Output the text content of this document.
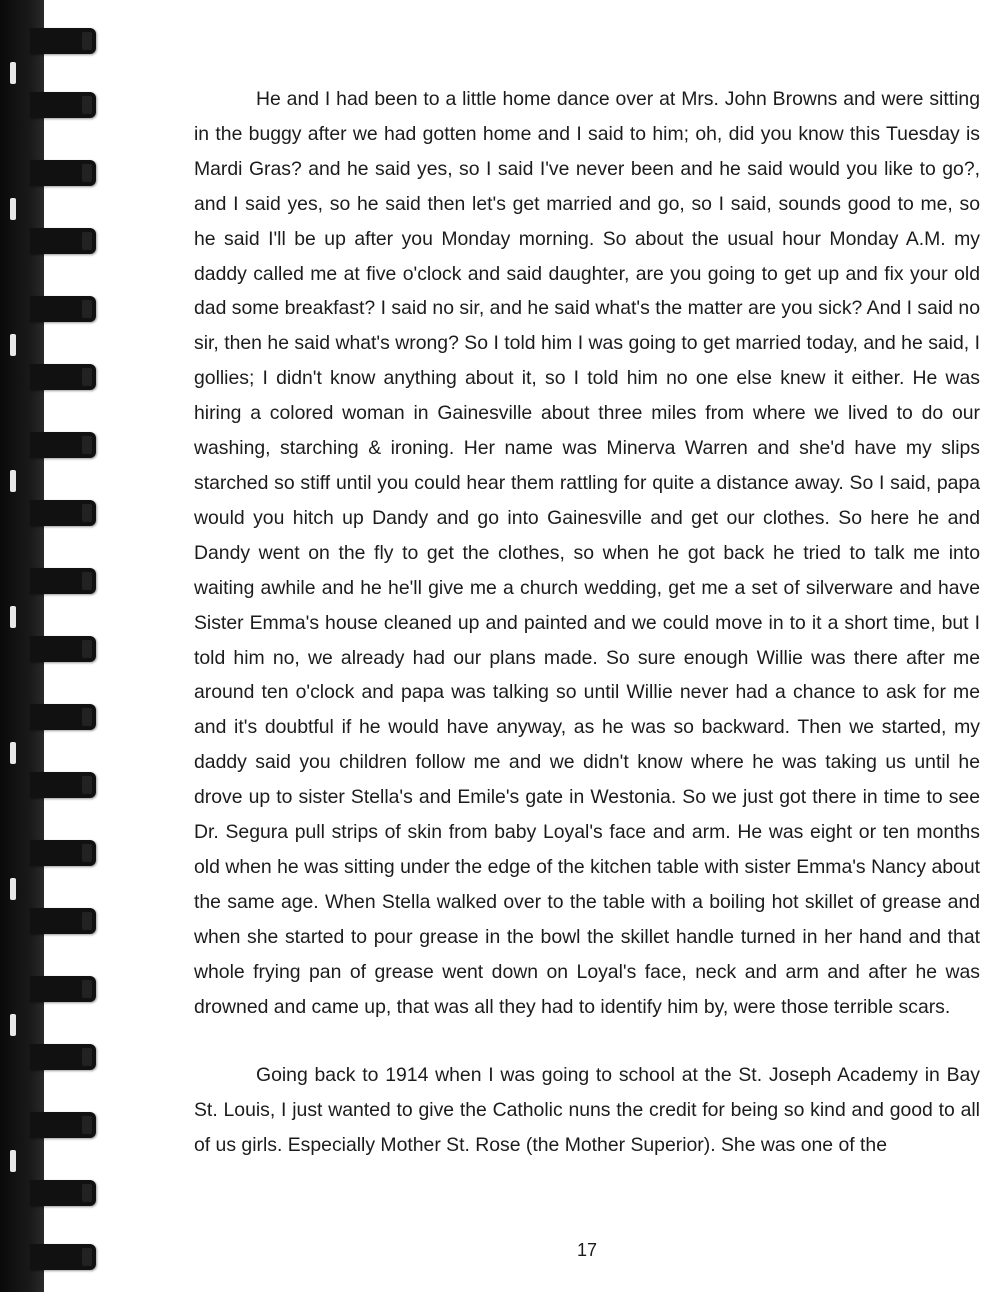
He and I had been to a little home dance over at Mrs. John Browns and were sitting in the buggy after we had gotten home and I said to him; oh, did you know this Tuesday is Mardi Gras? and he said yes, so I said I've never been and he said would you like to go?, and I said yes, so he said then let's get married and go, so I said, sounds good to me, so he said I'll be up after you Monday morning. So about the usual hour Monday A.M. my daddy called me at five o'clock and said daughter, are you going to get up and fix your old dad some breakfast? I said no sir, and he said what's the matter are you sick? And I said no sir, then he said what's wrong? So I told him I was going to get married today, and he said, I gollies; I didn't know anything about it, so I told him no one else knew it either. He was hiring a colored woman in Gainesville about three miles from where we lived to do our washing, starching & ironing. Her name was Minerva Warren and she'd have my slips starched so stiff until you could hear them rattling for quite a distance away. So I said, papa would you hitch up Dandy and go into Gainesville and get our clothes. So here he and Dandy went on the fly to get the clothes, so when he got back he tried to talk me into waiting awhile and he he'll give me a church wedding, get me a set of silverware and have Sister Emma's house cleaned up and painted and we could move in to it a short time, but I told him no, we already had our plans made. So sure enough Willie was there after me around ten o'clock and papa was talking so until Willie never had a chance to ask for me and it's doubtful if he would have anyway, as he was so backward. Then we started, my daddy said you children follow me and we didn't know where he was taking us until he drove up to sister Stella's and Emile's gate in Westonia. So we just got there in time to see Dr. Segura pull strips of skin from baby Loyal's face and arm. He was eight or ten months old when he was sitting under the edge of the kitchen table with sister Emma's Nancy about the same age. When Stella walked over to the table with a boiling hot skillet of grease and when she started to pour grease in the bowl the skillet handle turned in her hand and that whole frying pan of grease went down on Loyal's face, neck and arm and after he was drowned and came up, that was all they had to identify him by, were those terrible scars.

Going back to 1914 when I was going to school at the St. Joseph Academy in Bay St. Louis, I just wanted to give the Catholic nuns the credit for being so kind and good to all of us girls. Especially Mother St. Rose (the Mother Superior). She was one of the

17
